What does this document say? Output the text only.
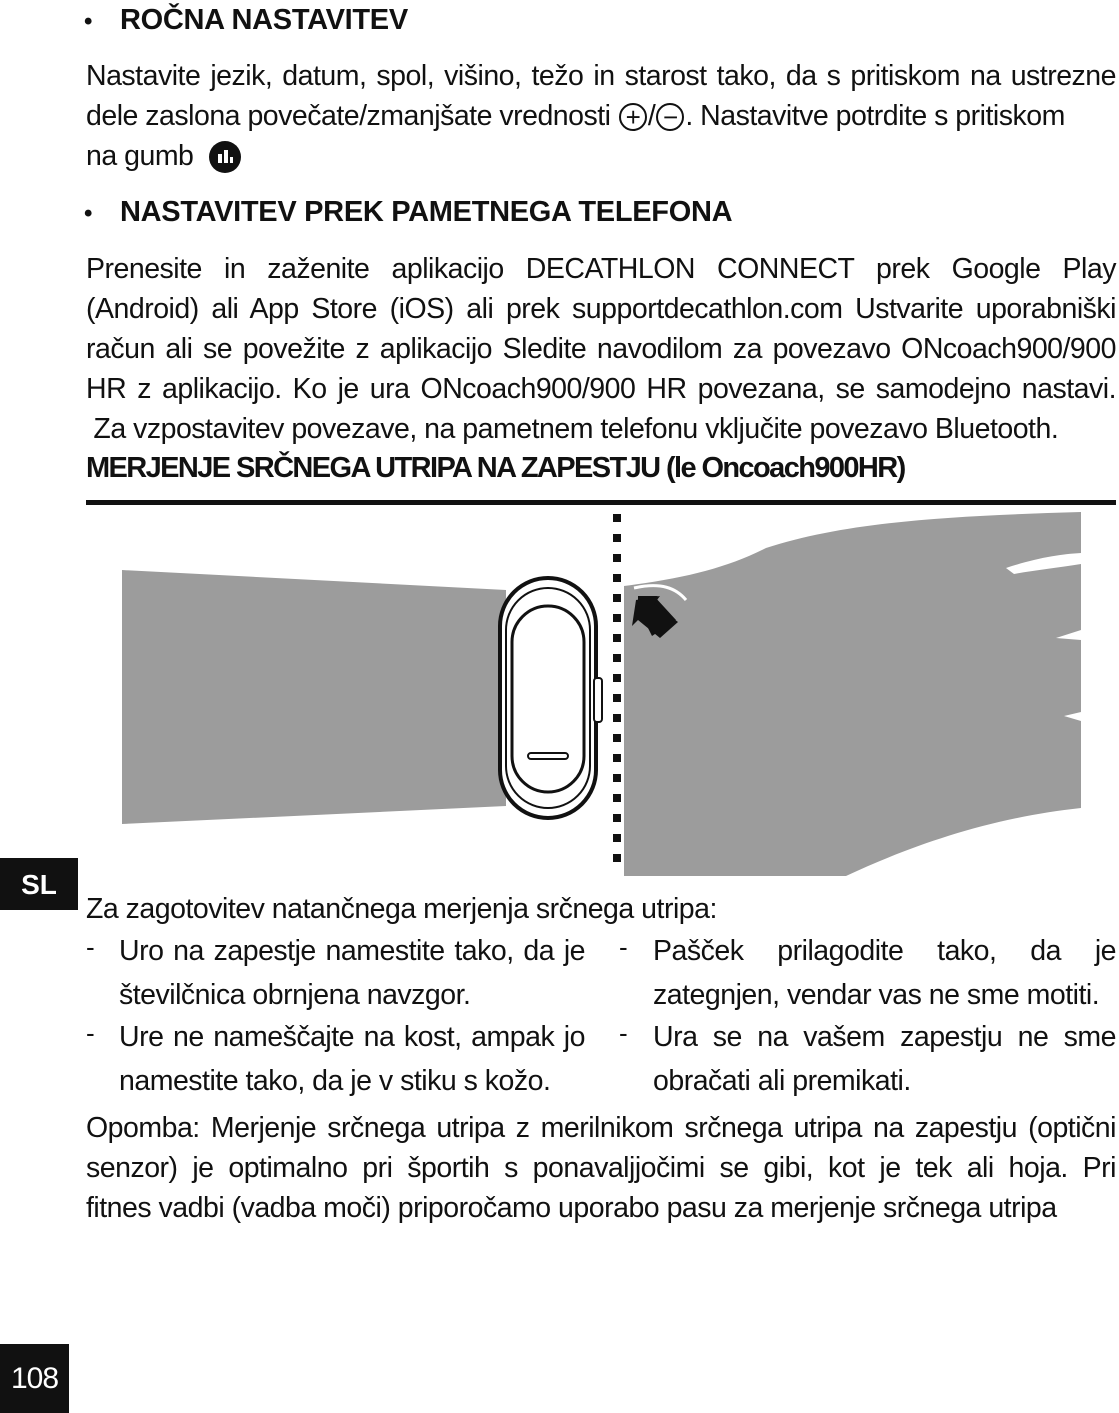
• ROČNA NASTAVITEV
Nastavite jezik, datum, spol, višino, težo in starost tako, da s pritiskom na ustrezne
dele zaslona povečate/zmanjšate vrednosti + / − . Nastavitve potrdite s pritiskom
na gumb
• NASTAVITEV PREK PAMETNEGA TELEFONA
Prenesite in zaženite aplikacijo DECATHLON CONNECT prek Google Play
(Android) ali App Store (iOS) ali prek supportdecathlon.com Ustvarite uporabniški
račun ali se povežite z aplikacijo Sledite navodilom za povezavo ONcoach900/900
HR z aplikacijo. Ko je ura ONcoach900/900 HR povezana, se samodejno nastavi.
Za vzpostavitev povezave, na pametnem telefonu vključite povezavo Bluetooth.
MERJENJE SRČNEGA UTRIPA NA ZAPESTJU (le Oncoach900HR)
SL
Za zagotovitev natančnega merjenja srčnega utripa:
- Uro na zapestje namestite tako, da je
številčnica obrnjena navzgor.
- Ure ne nameščajte na kost, ampak jo
namestite tako, da je v stiku s kožo.
- Pašček prilagodite tako, da je
zategnjen, vendar vas ne sme motiti.
- Ura se na vašem zapestju ne sme
obračati ali premikati.
Opomba: Merjenje srčnega utripa z merilnikom srčnega utripa na zapestju (optični
senzor) je optimalno pri športih s ponavaljjočimi se gibi, kot je tek ali hoja. Pri
fitnes vadbi (vadba moči) priporočamo uporabo pasu za merjenje srčnega utripa
108
